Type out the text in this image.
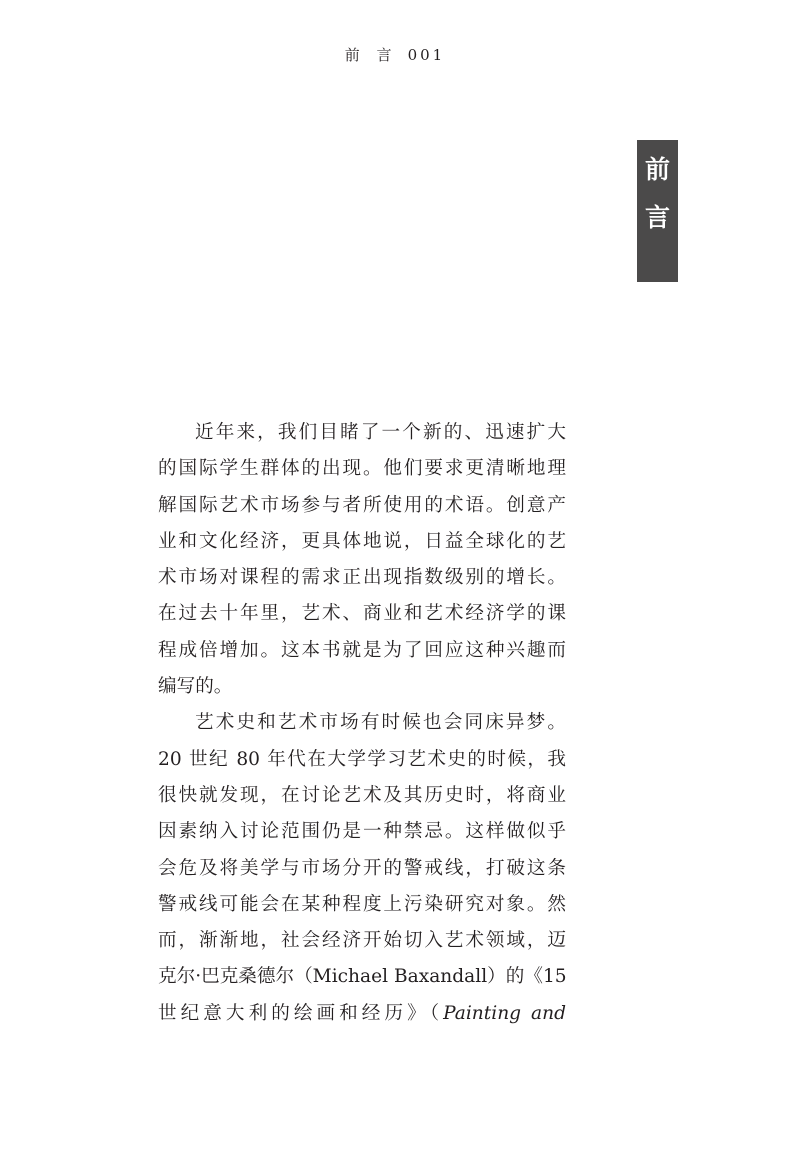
前 言 001
前
言
近年来，我们目睹了一个新的、迅速扩大
的国际学生群体的出现。他们要求更清晰地理
解国际艺术市场参与者所使用的术语。创意产
业和文化经济，更具体地说，日益全球化的艺
术市场对课程的需求正出现指数级别的增长。
在过去十年里，艺术、商业和艺术经济学的课
程成倍增加。这本书就是为了回应这种兴趣而
编写的。
艺术史和艺术市场有时候也会同床异梦。
20 世纪 80 年代在大学学习艺术史的时候，我
很快就发现，在讨论艺术及其历史时，将商业
因素纳入讨论范围仍是一种禁忌。这样做似乎
会危及将美学与市场分开的警戒线，打破这条
警戒线可能会在某种程度上污染研究对象。然
而，渐渐地，社会经济开始切入艺术领域，迈
克尔·巴克桑德尔（Michael Baxandall）的《15
世纪意大利的绘画和经历》（Painting and
